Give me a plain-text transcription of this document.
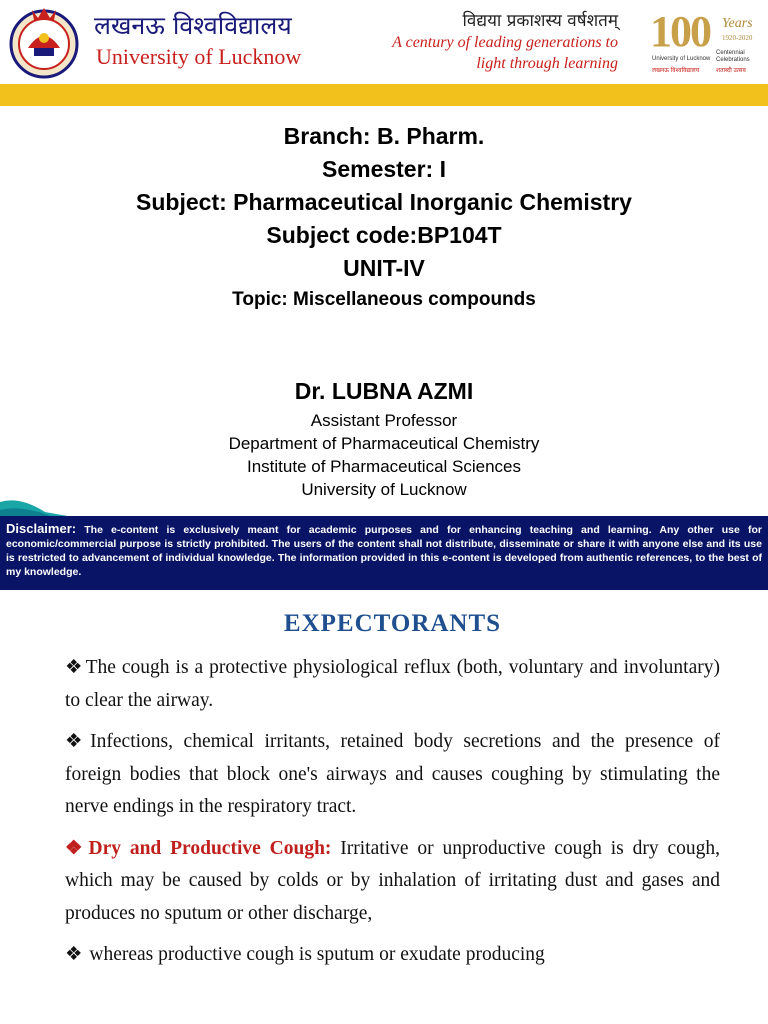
लखनऊ विश्वविद्यालय
University of Lucknow
विद्यया प्रकाशस्य वर्षशतम्
A century of leading generations to
light through learning
100 Years
1920-2020
University of Lucknow
Centennial Celebrations
लखनऊ विश्वविद्यालय	शताब्दी उत्सव
Branch: B. Pharm.
Semester: I
Subject: Pharmaceutical Inorganic Chemistry
Subject code:BP104T
UNIT-IV
Topic: Miscellaneous compounds
Dr. LUBNA AZMI
Assistant Professor
Department of Pharmaceutical Chemistry
Institute of Pharmaceutical Sciences
University of Lucknow
Disclaimer: The e-content is exclusively meant for academic purposes and for enhancing teaching and learning. Any other use for economic/commercial purpose is strictly prohibited. The users of the content shall not distribute, disseminate or share it with anyone else and its use is restricted to advancement of individual knowledge. The information provided in this e-content is developed from authentic references, to the best of my knowledge.
EXPECTORANTS

❖ The cough is a protective physiological reflux (both, voluntary and involuntary) to clear the airway.

❖ Infections, chemical irritants, retained body secretions and the presence of foreign bodies that block one's airways and causes coughing by stimulating the nerve endings in the respiratory tract.

❖ Dry and Productive Cough: Irritative or unproductive cough is dry cough, which may be caused by colds or by inhalation of irritating dust and gases and produces no sputum or other discharge,

❖ whereas productive cough is sputum or exudate producing
